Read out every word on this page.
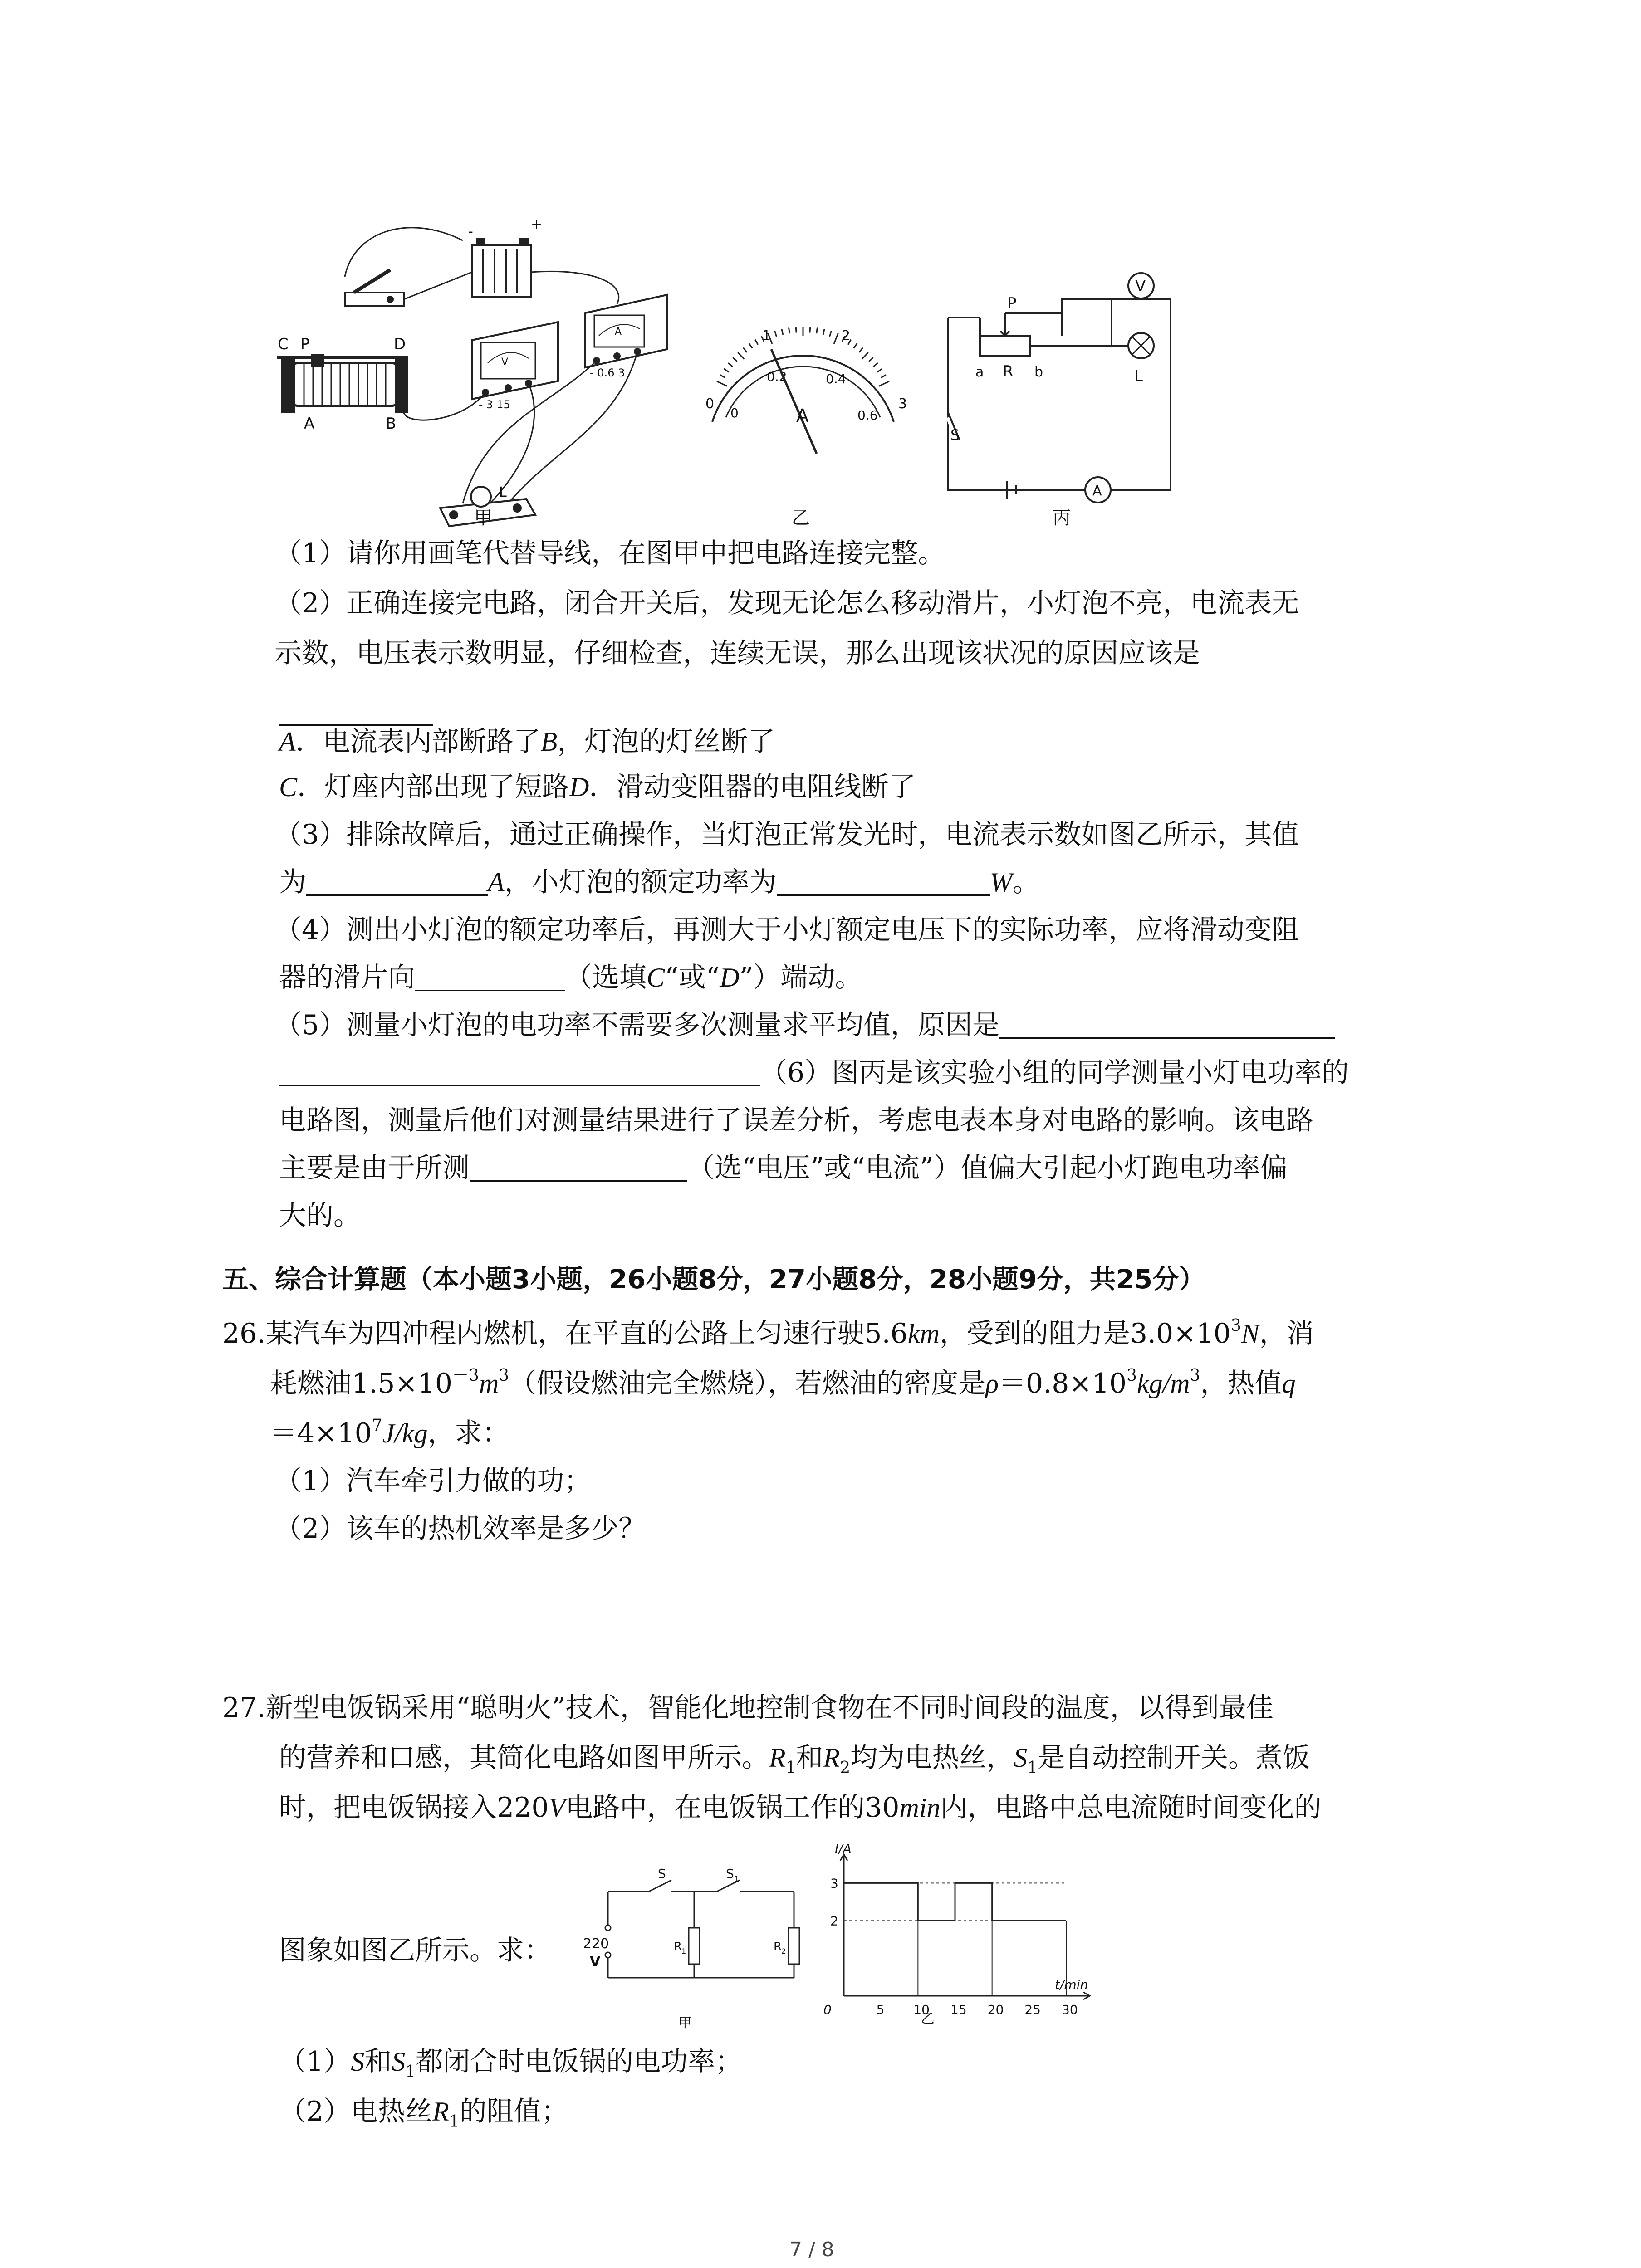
-	+
C P	D
A	B
V
- 3 15
A
- 0.6 3
L
甲
0
1	2
3
0
0.2	0.4
0.6
A
乙
V
A
S
P
a R b	L
丙
（1）请你用画笔代替导线，在图甲中把电路连接完整。
（2）正确连接完电路，闭合开关后，发现无论怎么移动滑片，小灯泡不亮，电流表无
示数，电压表示数明显，仔细检查，连续无误，那么出现该状况的原因应该是
A．电流表内部断路了B，灯泡的灯丝断了
C．灯座内部出现了短路D．滑动变阻器的电阻线断了
（3）排除故障后，通过正确操作，当灯泡正常发光时，电流表示数如图乙所示，其值
为	A，小灯泡的额定功率为	W。
（4）测出小灯泡的额定功率后，再测大于小灯额定电压下的实际功率，应将滑动变阻
器的滑片向	（选填C“或“D”）端动。
（5）测量小灯泡的电功率不需要多次测量求平均值，原因是
（6）图丙是该实验小组的同学测量小灯电功率的
电路图，测量后他们对测量结果进行了误差分析，考虑电表本身对电路的影响。该电路
主要是由于所测	（选“电压”或“电流”）值偏大引起小灯跑电功率偏
大的。
五、综合计算题（本小题3小题，26小题8分，27小题8分，28小题9分，共25分）
26.某汽车为四冲程内燃机，在平直的公路上匀速行驶5.6km，受到的阻力是$3.0\times 10^3N$，消
耗燃油$1.5\times 10^{-3}m^3$（假设燃油完全燃烧），若燃油的密度是$\rho=0.8\times 10^3kg/m^3$，热值q
$=4\times 10^7J/kg$，求：
（1）汽车牵引力做的功；
（2）该车的热机效率是多少？
27.新型电饭锅采用“聪明火”技术，智能化地控制食物在不同时间段的温度，以得到最佳
的营养和口感，其简化电路如图甲所示。$R_1$和$R_2$均为电热丝，$S_1$是自动控制开关。煮饭
时，把电饭锅接入220V电路中，在电饭锅工作的30min内，电路中总电流随时间变化的
图象如图乙所示。求：
S	S 1
R
1	R
2
220
V
甲
I/A
t/min
2
3
0	5 10 15 20 25 30
乙
（1）S和$S_1$都闭合时电饭锅的电功率；
（2）电热丝$R_1$的阻值；
7 / 8
